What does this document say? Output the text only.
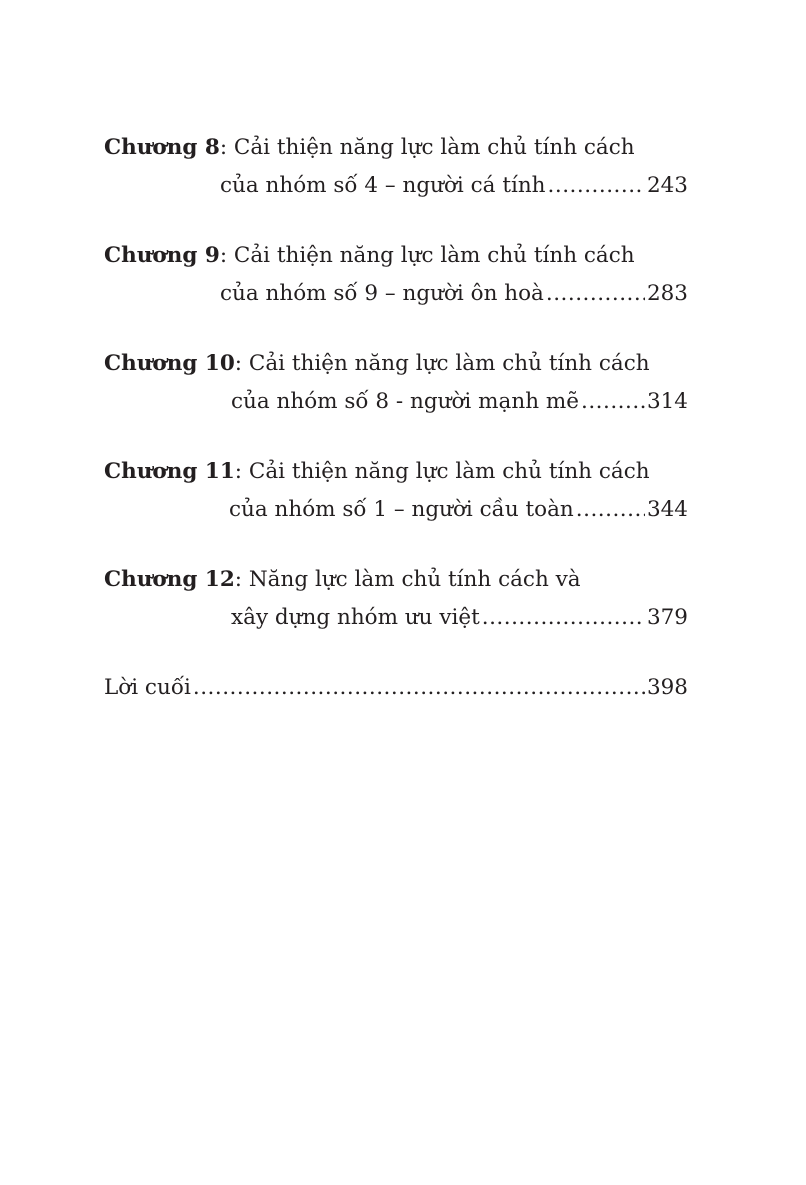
Chương 8: Cải thiện năng lực làm chủ tính cách
của nhóm số 4 – người cá tính .....	243
Chương 9: Cải thiện năng lực làm chủ tính cách
của nhóm số 9 – người ôn hoà .....	283
Chương 10: Cải thiện năng lực làm chủ tính cách
của nhóm số 8 - người mạnh mẽ .....	314
Chương 11: Cải thiện năng lực làm chủ tính cách
của nhóm số 1 – người cầu toàn .....	344
Chương 12: Năng lực làm chủ tính cách và
xây dựng nhóm ưu việt .....	379
Lời cuối .....	398
